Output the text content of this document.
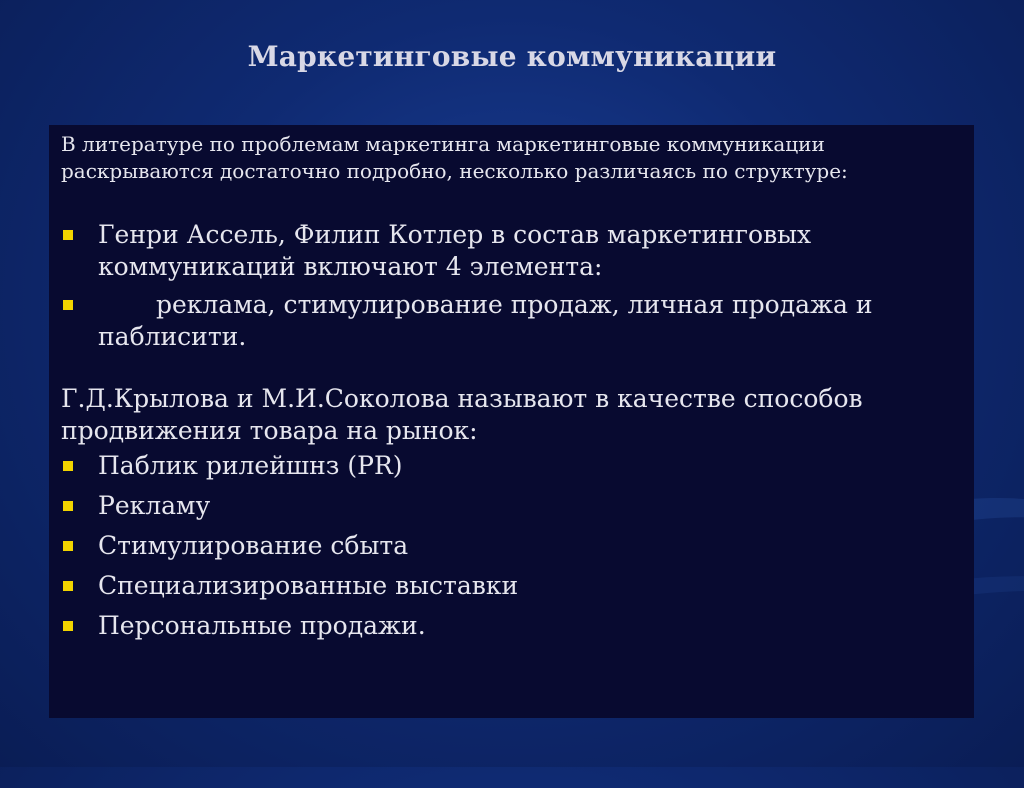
Маркетинговые коммуникации

В литературе по проблемам маркетинга маркетинговые коммуникации раскрываются достаточно подробно, несколько различаясь по структуре:

Генри Ассель, Филип Котлер в состав маркетинговых коммуникаций включают 4 элемента:
реклама, стимулирование продаж, личная продажа и паблисити.

Г.Д.Крылова и М.И.Соколова называют в качестве способов продвижения товара на рынок:

Паблик рилейшнз (PR)
Рекламу
Стимулирование сбыта
Специализированные выставки
Персональные продажи.
